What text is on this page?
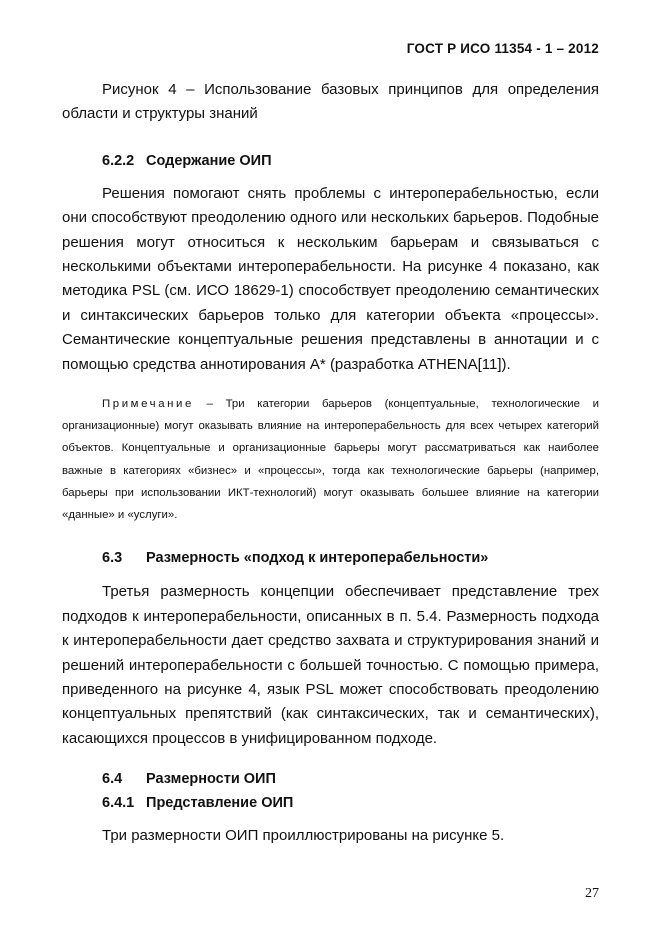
ГОСТ Р ИСО 11354 - 1 – 2012

Рисунок 4 – Использование базовых принципов для определения области и структуры знаний

6.2.2 Содержание ОИП

Решения помогают снять проблемы с интероперабельностью, если они способствуют преодолению одного или нескольких барьеров. Подобные решения могут относиться к нескольким барьерам и связываться с несколькими объектами интероперабельности. На рисунке 4 показано, как методика PSL (см. ИСО 18629-1) способствует преодолению семантических и синтаксических барьеров только для категории объекта «процессы». Семантические концептуальные решения представлены в аннотации и с помощью средства аннотирования А* (разработка ATHENA[11]).

Примечание – Три категории барьеров (концептуальные, технологические и организационные) могут оказывать влияние на интероперабельность для всех четырех категорий объектов. Концептуальные и организационные барьеры могут рассматриваться как наиболее важные в категориях «бизнес» и «процессы», тогда как технологические барьеры (например, барьеры при использовании ИКТ-технологий) могут оказывать большее влияние на категории «данные» и «услуги».

6.3 Размерность «подход к интероперабельности»

Третья размерность концепции обеспечивает представление трех подходов к интероперабельности, описанных в п. 5.4. Размерность подхода к интероперабельности дает средство захвата и структурирования знаний и решений интероперабельности с большей точностью. С помощью примера, приведенного на рисунке 4, язык PSL может способствовать преодолению концептуальных препятствий (как синтаксических, так и семантических), касающихся процессов в унифицированном подходе.

6.4 Размерности ОИП
6.4.1 Представление ОИП

Три размерности ОИП проиллюстрированы на рисунке 5.

27
